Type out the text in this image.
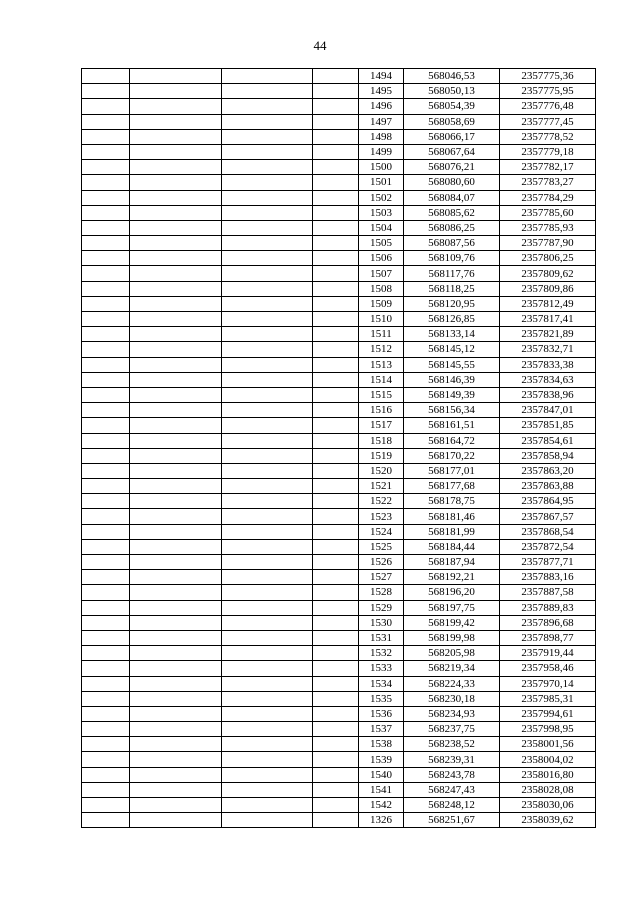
44
				1494	568046,53	2357775,36
				1495	568050,13	2357775,95
				1496	568054,39	2357776,48
				1497	568058,69	2357777,45
				1498	568066,17	2357778,52
				1499	568067,64	2357779,18
				1500	568076,21	2357782,17
				1501	568080,60	2357783,27
				1502	568084,07	2357784,29
				1503	568085,62	2357785,60
				1504	568086,25	2357785,93
				1505	568087,56	2357787,90
				1506	568109,76	2357806,25
				1507	568117,76	2357809,62
				1508	568118,25	2357809,86
				1509	568120,95	2357812,49
				1510	568126,85	2357817,41
				1511	568133,14	2357821,89
				1512	568145,12	2357832,71
				1513	568145,55	2357833,38
				1514	568146,39	2357834,63
				1515	568149,39	2357838,96
				1516	568156,34	2357847,01
				1517	568161,51	2357851,85
				1518	568164,72	2357854,61
				1519	568170,22	2357858,94
				1520	568177,01	2357863,20
				1521	568177,68	2357863,88
				1522	568178,75	2357864,95
				1523	568181,46	2357867,57
				1524	568181,99	2357868,54
				1525	568184,44	2357872,54
				1526	568187,94	2357877,71
				1527	568192,21	2357883,16
				1528	568196,20	2357887,58
				1529	568197,75	2357889,83
				1530	568199,42	2357896,68
				1531	568199,98	2357898,77
				1532	568205,98	2357919,44
				1533	568219,34	2357958,46
				1534	568224,33	2357970,14
				1535	568230,18	2357985,31
				1536	568234,93	2357994,61
				1537	568237,75	2357998,95
				1538	568238,52	2358001,56
				1539	568239,31	2358004,02
				1540	568243,78	2358016,80
				1541	568247,43	2358028,08
				1542	568248,12	2358030,06
				1326	568251,67	2358039,62
